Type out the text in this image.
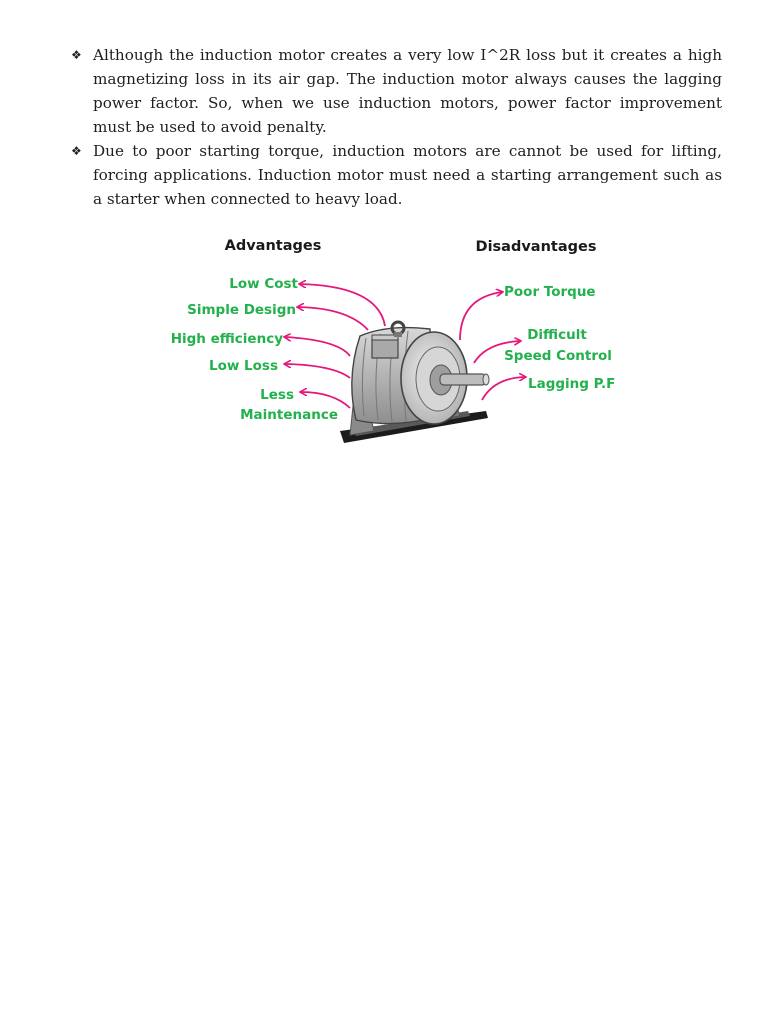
❖ Although the induction motor creates a very low I^2R loss but it creates a high magnetizing loss in its air gap. The induction motor always causes the lagging power factor. So, when we use induction motors, power factor improvement must be used to avoid penalty.
❖ Due to poor starting torque, induction motors are cannot be used for lifting, forcing applications. Induction motor must need a starting arrangement such as a starter when connected to heavy load.
Advantages	Disadvantages
Low Cost
Simple Design
High efficiency
Low Loss
Less
Maintenance
Poor Torque
Difficult
Speed Control
Lagging P.F
